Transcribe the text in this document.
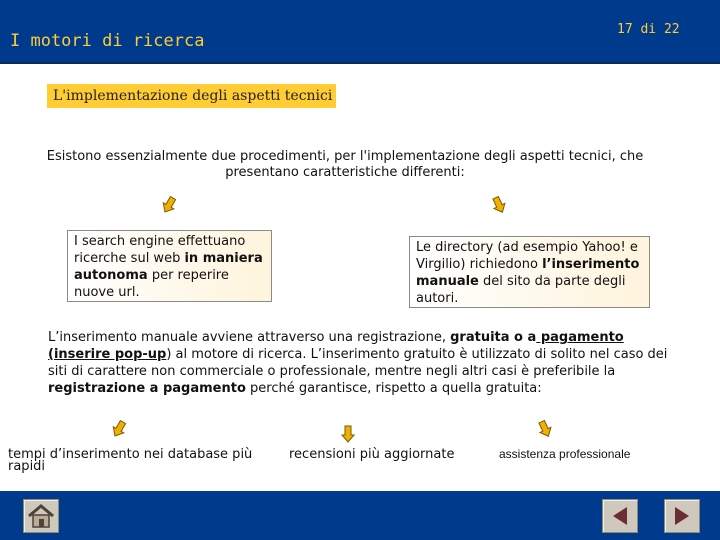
I motori di ricerca
17 di 22
L'implementazione degli aspetti tecnici
Esistono essenzialmente due procedimenti, per l'implementazione degli aspetti tecnici, che presentano caratteristiche differenti:
I search engine effettuano ricerche sul web in maniera autonoma per reperire nuove url.
Le directory (ad esempio Yahoo! e Virgilio) richiedono l’inserimento manuale del sito da parte degli autori.
L’inserimento manuale avviene attraverso una registrazione, gratuita o a pagamento (inserire pop-up) al motore di ricerca. L’inserimento gratuito è utilizzato di solito nel caso dei siti di carattere non commerciale o professionale, mentre negli altri casi è preferibile la registrazione a pagamento perché garantisce, rispetto a quella gratuita:
tempi d’inserimento nei database più rapidi
recensioni più aggiornate	assistenza professionale
